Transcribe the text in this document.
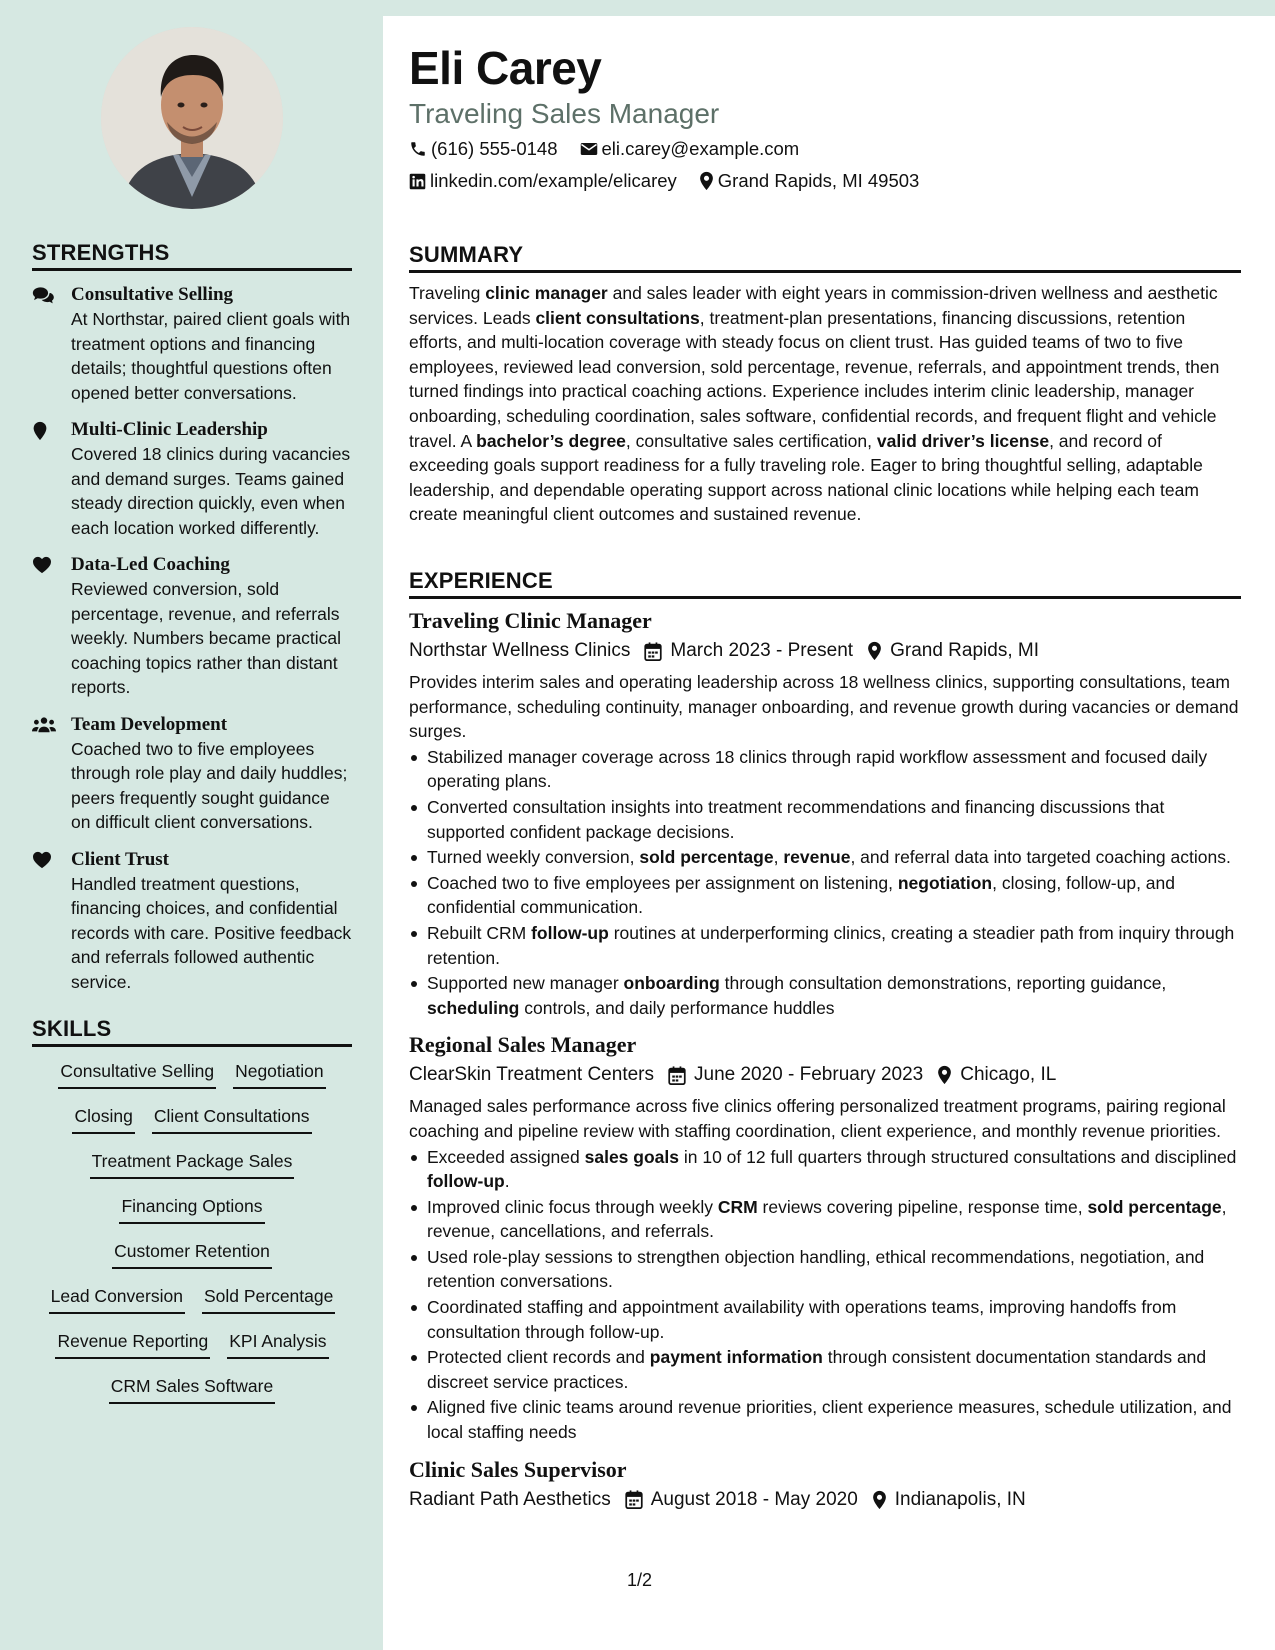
STRENGTHS
Consultative Selling
At Northstar, paired client goals with treatment options and financing details; thoughtful questions often opened better conversations.
Multi-Clinic Leadership
Covered 18 clinics during vacancies and demand surges. Teams gained steady direction quickly, even when each location worked differently.
Data-Led Coaching
Reviewed conversion, sold percentage, revenue, and referrals weekly. Numbers became practical coaching topics rather than distant reports.
Team Development
Coached two to five employees through role play and daily huddles; peers frequently sought guidance on difficult client conversations.
Client Trust
Handled treatment questions, financing choices, and confidential records with care. Positive feedback and referrals followed authentic service.
SKILLS
Consultative Selling Negotiation
Closing Client Consultations
Treatment Package Sales
Financing Options
Customer Retention
Lead Conversion Sold Percentage
Revenue Reporting KPI Analysis
CRM Sales Software
Eli Carey
Traveling Sales Manager
(616) 555-0148 eli.carey@example.com
linkedin.com/example/elicarey Grand Rapids, MI 49503
SUMMARY
Traveling clinic manager and sales leader with eight years in commission-driven wellness and aesthetic services. Leads client consultations, treatment-plan presentations, financing discussions, retention efforts, and multi-location coverage with steady focus on client trust. Has guided teams of two to five employees, reviewed lead conversion, sold percentage, revenue, referrals, and appointment trends, then turned findings into practical coaching actions. Experience includes interim clinic leadership, manager onboarding, scheduling coordination, sales software, confidential records, and frequent flight and vehicle travel. A bachelor’s degree, consultative sales certification, valid driver’s license, and record of exceeding goals support readiness for a fully traveling role. Eager to bring thoughtful selling, adaptable leadership, and dependable operating support across national clinic locations while helping each team create meaningful client outcomes and sustained revenue.
EXPERIENCE
Traveling Clinic Manager
Northstar Wellness Clinics March 2023 - Present Grand Rapids, MI
Provides interim sales and operating leadership across 18 wellness clinics, supporting consultations, team performance, scheduling continuity, manager onboarding, and revenue growth during vacancies or demand surges.
Stabilized manager coverage across 18 clinics through rapid workflow assessment and focused daily operating plans.
Converted consultation insights into treatment recommendations and financing discussions that supported confident package decisions.
Turned weekly conversion, sold percentage, revenue, and referral data into targeted coaching actions.
Coached two to five employees per assignment on listening, negotiation, closing, follow-up, and confidential communication.
Rebuilt CRM follow-up routines at underperforming clinics, creating a steadier path from inquiry through retention.
Supported new manager onboarding through consultation demonstrations, reporting guidance, scheduling controls, and daily performance huddles
Regional Sales Manager
ClearSkin Treatment Centers June 2020 - February 2023 Chicago, IL
Managed sales performance across five clinics offering personalized treatment programs, pairing regional coaching and pipeline review with staffing coordination, client experience, and monthly revenue priorities.
Exceeded assigned sales goals in 10 of 12 full quarters through structured consultations and disciplined follow-up.
Improved clinic focus through weekly CRM reviews covering pipeline, response time, sold percentage, revenue, cancellations, and referrals.
Used role-play sessions to strengthen objection handling, ethical recommendations, negotiation, and retention conversations.
Coordinated staffing and appointment availability with operations teams, improving handoffs from consultation through follow-up.
Protected client records and payment information through consistent documentation standards and discreet service practices.
Aligned five clinic teams around revenue priorities, client experience measures, schedule utilization, and local staffing needs
Clinic Sales Supervisor
Radiant Path Aesthetics August 2018 - May 2020 Indianapolis, IN
1/2
